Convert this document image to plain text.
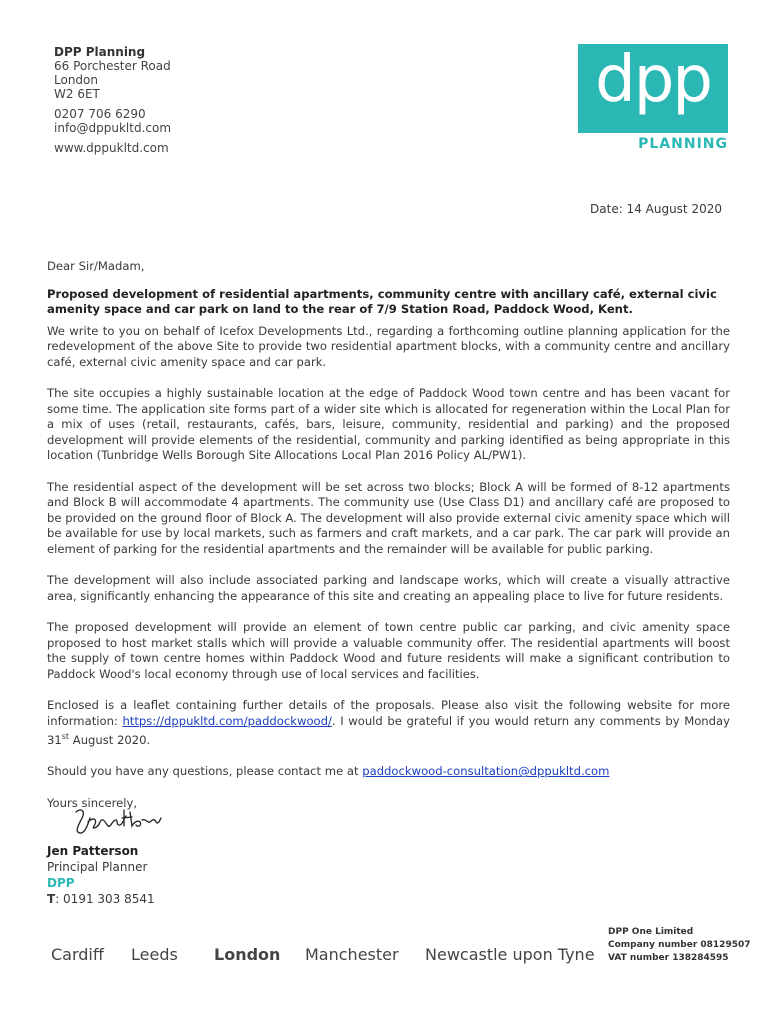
DPP Planning
66 Porchester Road
London
W2 6ET
0207 706 6290
info@dppukltd.com
www.dppukltd.com
dpp
PLANNING
Date: 14 August 2020

Dear Sir/Madam,

Proposed development of residential apartments, community centre with ancillary café, external civic amenity space and car park on land to the rear of 7/9 Station Road, Paddock Wood, Kent.

We write to you on behalf of Icefox Developments Ltd., regarding a forthcoming outline planning application for the redevelopment of the above Site to provide two residential apartment blocks, with a community centre and ancillary café, external civic amenity space and car park.

The site occupies a highly sustainable location at the edge of Paddock Wood town centre and has been vacant for some time. The application site forms part of a wider site which is allocated for regeneration within the Local Plan for a mix of uses (retail, restaurants, cafés, bars, leisure, community, residential and parking) and the proposed development will provide elements of the residential, community and parking identified as being appropriate in this location (Tunbridge Wells Borough Site Allocations Local Plan 2016 Policy AL/PW1).

The residential aspect of the development will be set across two blocks; Block A will be formed of 8-12 apartments and Block B will accommodate 4 apartments. The community use (Use Class D1) and ancillary café are proposed to be provided on the ground floor of Block A. The development will also provide external civic amenity space which will be available for use by local markets, such as farmers and craft markets, and a car park. The car park will provide an element of parking for the residential apartments and the remainder will be available for public parking.

The development will also include associated parking and landscape works, which will create a visually attractive area, significantly enhancing the appearance of this site and creating an appealing place to live for future residents.

The proposed development will provide an element of town centre public car parking, and civic amenity space proposed to host market stalls which will provide a valuable community offer. The residential apartments will boost the supply of town centre homes within Paddock Wood and future residents will make a significant contribution to Paddock Wood's local economy through use of local services and facilities.

Enclosed is a leaflet containing further details of the proposals. Please also visit the following website for more information: https://dppukltd.com/paddockwood/. I would be grateful if you would return any comments by Monday 31st August 2020.

Should you have any questions, please contact me at paddockwood-consultation@dppukltd.com

Yours sincerely,

Jen Patterson
Principal Planner
DPP
T: 0191 303 8541
Cardiff Leeds London Manchester Newcastle upon Tyne
DPP One Limited
Company number 08129507
VAT number 138284595
